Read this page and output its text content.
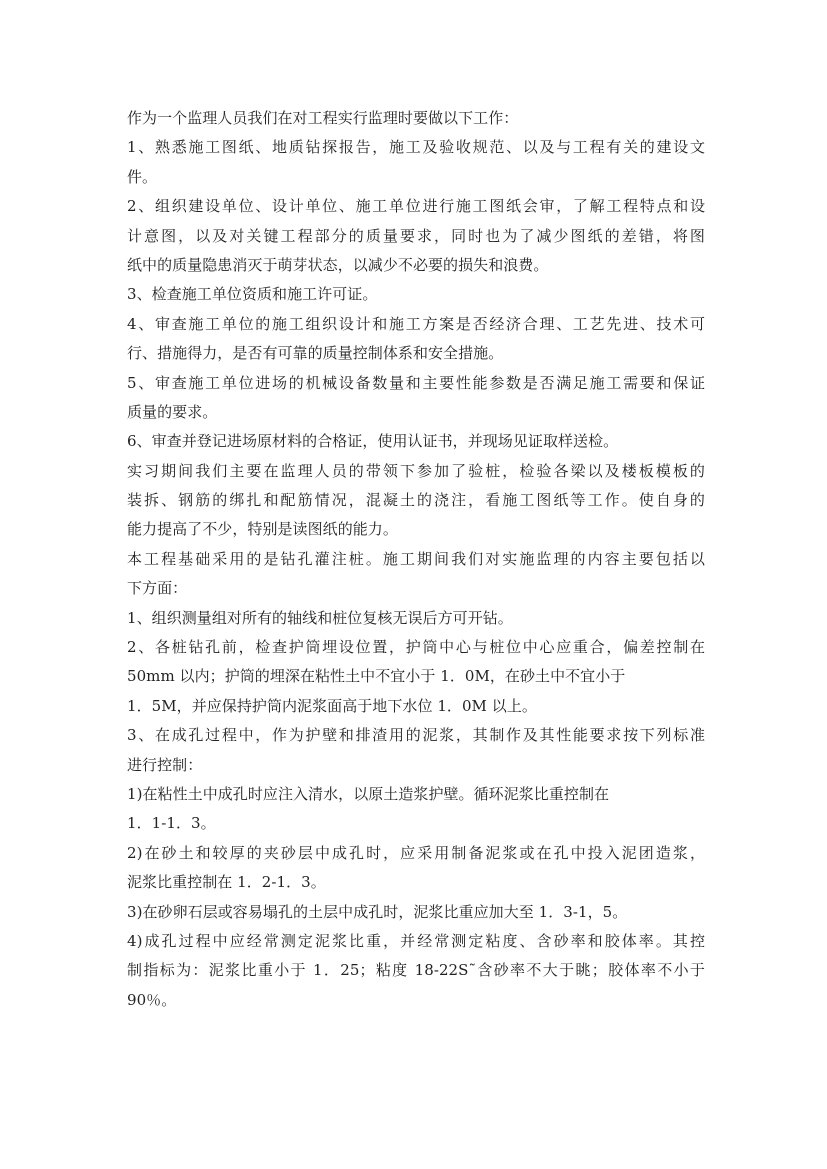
作为一个监理人员我们在对工程实行监理时要做以下工作：
1、熟悉施工图纸、地质钻探报告，施工及验收规范、以及与工程有关的建设文
件。
2、组织建设单位、设计单位、施工单位进行施工图纸会审，了解工程特点和设
计意图，以及对关键工程部分的质量要求，同时也为了减少图纸的差错，将图
纸中的质量隐患消灭于萌芽状态，以减少不必要的损失和浪费。
3、检查施工单位资质和施工许可证。
4、审查施工单位的施工组织设计和施工方案是否经济合理、工艺先进、技术可
行、措施得力，是否有可靠的质量控制体系和安全措施。
5、审查施工单位进场的机械设备数量和主要性能参数是否满足施工需要和保证
质量的要求。
6、审查并登记进场原材料的合格证，使用认证书，并现场见证取样送检。
实习期间我们主要在监理人员的带领下参加了验桩，检验各梁以及楼板模板的
装拆、钢筋的绑扎和配筋情况，混凝土的浇注，看施工图纸等工作。使自身的
能力提高了不少，特别是读图纸的能力。
本工程基础采用的是钻孔灌注桩。施工期间我们对实施监理的内容主要包括以
下方面：
1、组织测量组对所有的轴线和桩位复核无误后方可开钻。
2、各桩钻孔前，检查护筒埋设位置，护筒中心与桩位中心应重合，偏差控制在
50mm 以内；护筒的埋深在粘性土中不宜小于 1．0M，在砂土中不宜小于
1．5M，并应保持护筒内泥浆面高于地下水位 1．0M 以上。
3、在成孔过程中，作为护壁和排渣用的泥浆，其制作及其性能要求按下列标准
进行控制：
1)在粘性土中成孔时应注入清水，以原土造浆护壁。循环泥浆比重控制在
1．1-1．3。
2)在砂土和较厚的夹砂层中成孔时，应采用制备泥浆或在孔中投入泥团造浆，
泥浆比重控制在 1．2-1．3。
3)在砂卵石层或容易塌孔的土层中成孔时，泥浆比重应加大至 1．3-1，5。
4)成孔过程中应经常测定泥浆比重，并经常测定粘度、含砂率和胶体率。其控
制指标为：泥浆比重小于 1．25；粘度 18-22S˜含砂率不大于眺；胶体率不小于
90％。
